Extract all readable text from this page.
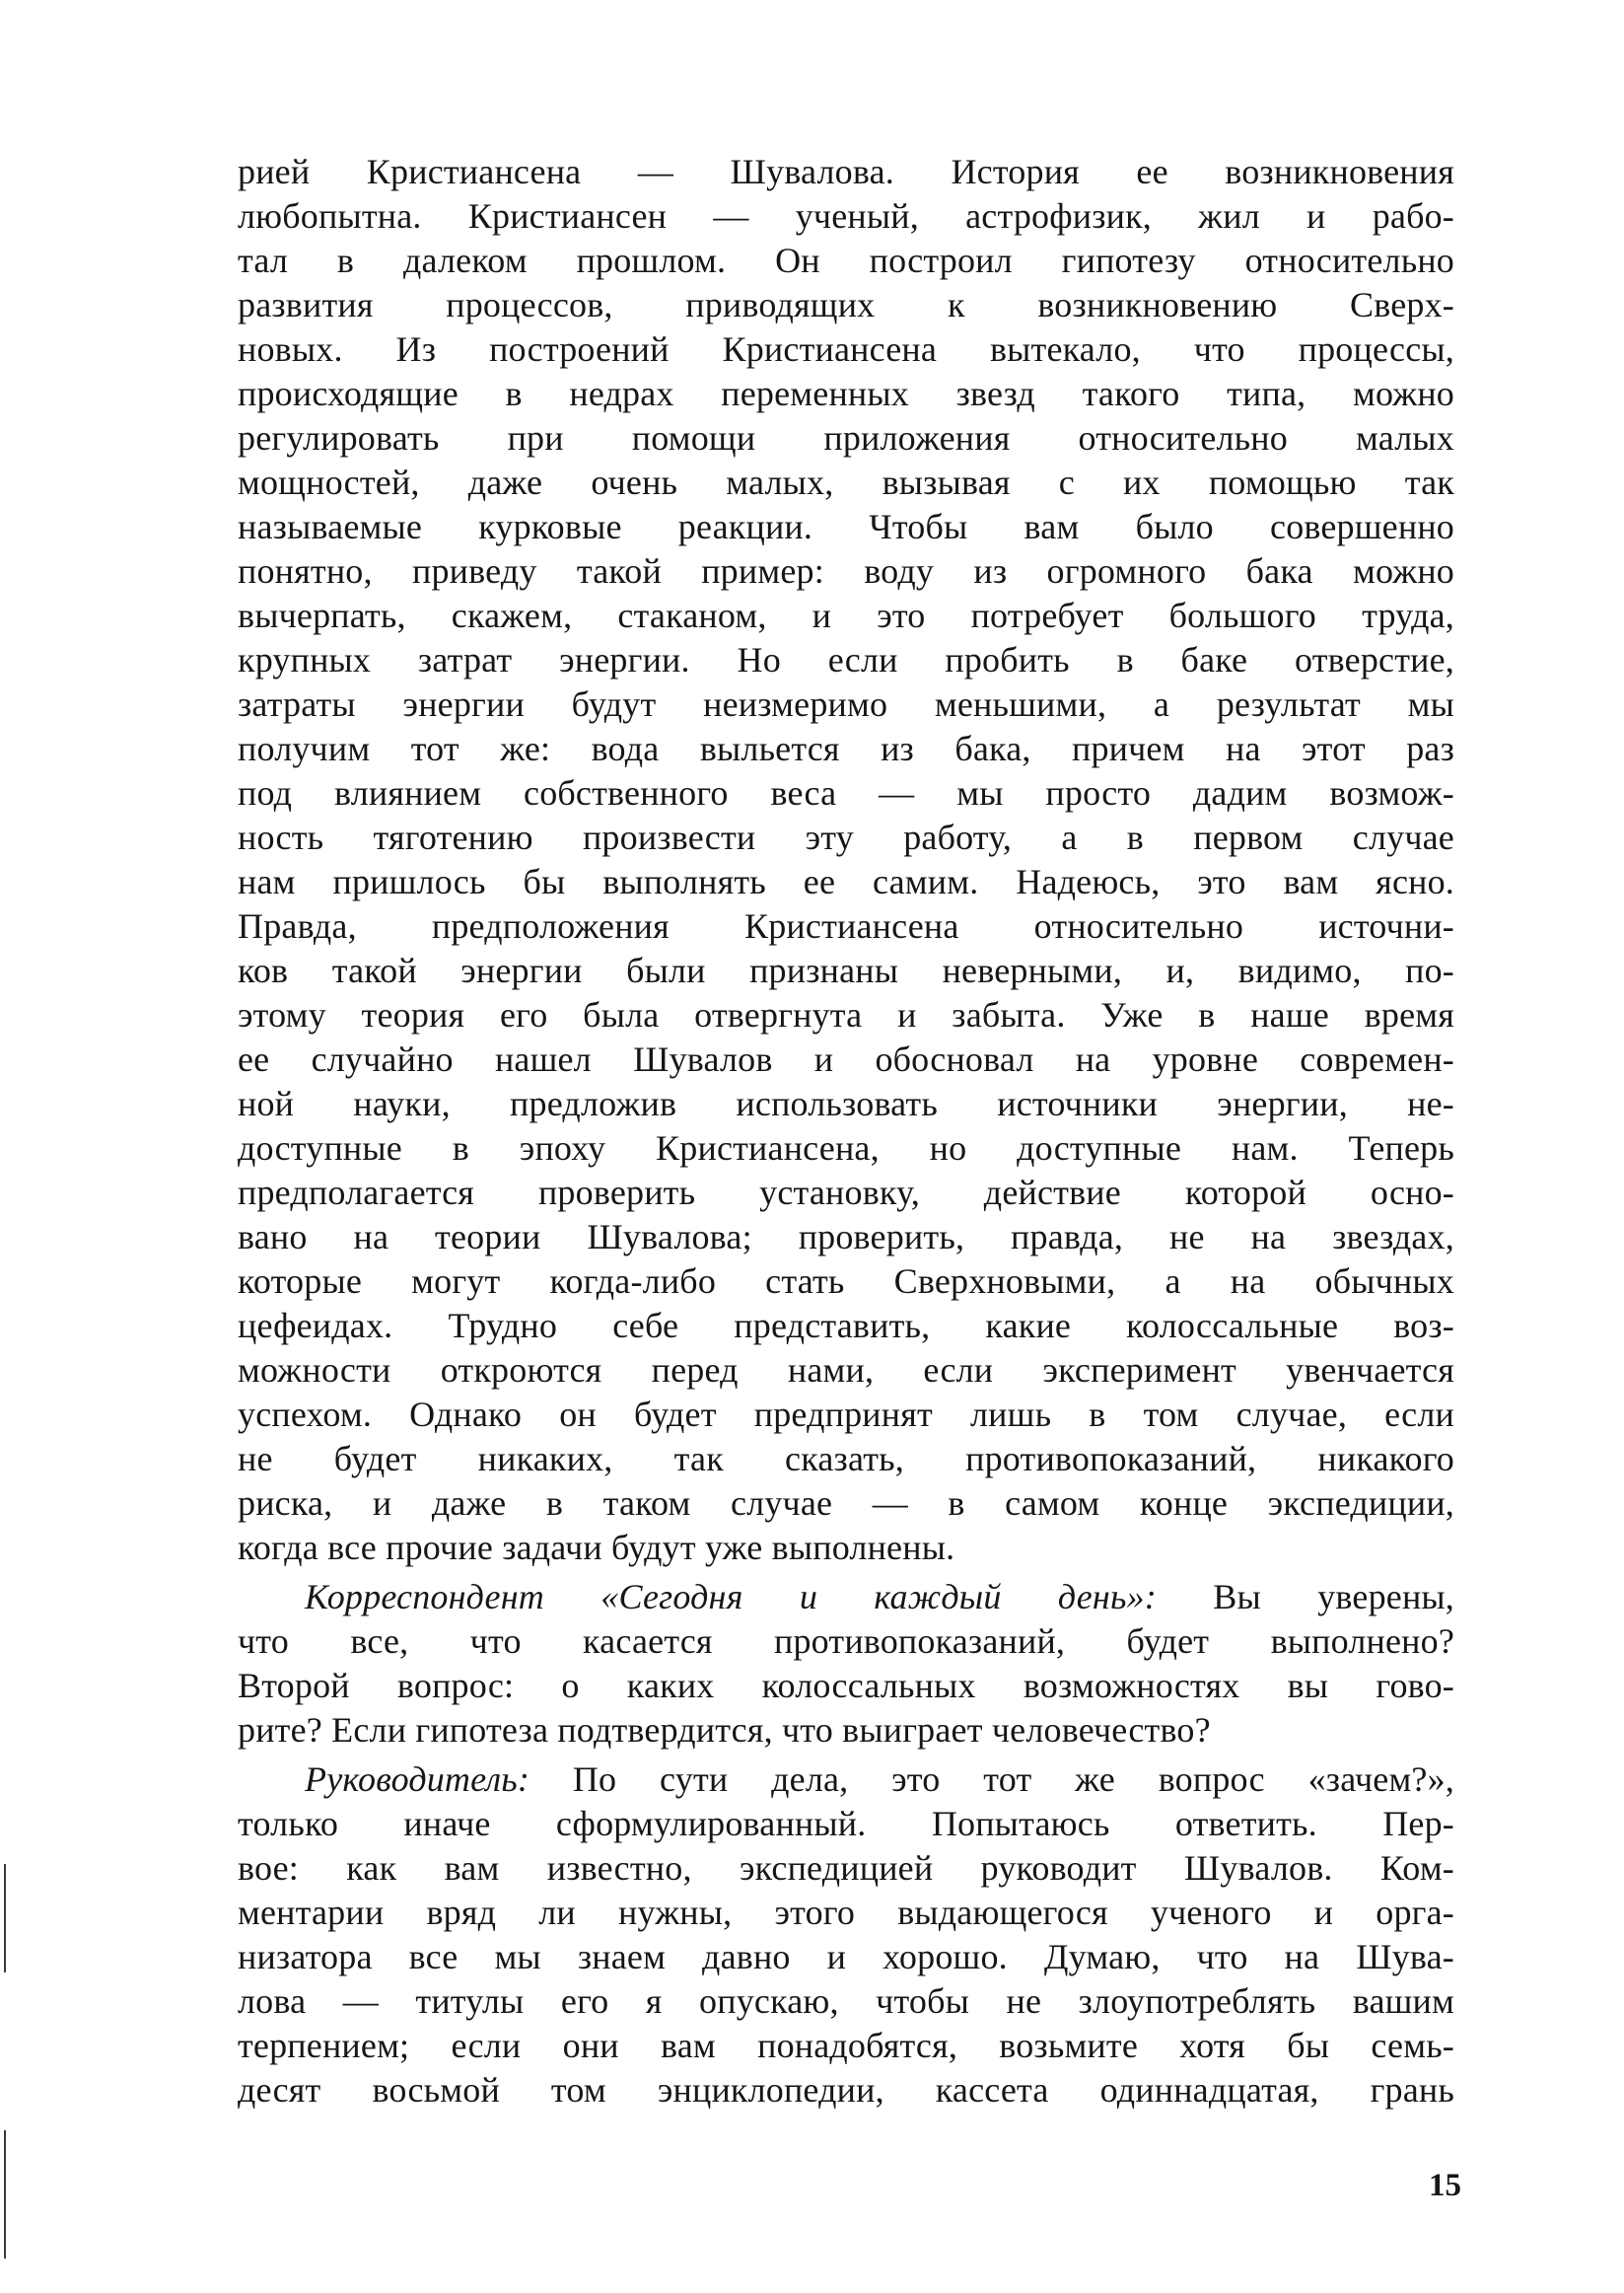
рией Кристиансена — Шувалова. История ее возникновения
любопытна. Кристиансен — ученый, астрофизик, жил и рабо-
тал в далеком прошлом. Он построил гипотезу относительно
развития процессов, приводящих к возникновению Сверх-
новых. Из построений Кристиансена вытекало, что процессы,
происходящие в недрах переменных звезд такого типа, можно
регулировать при помощи приложения относительно малых
мощностей, даже очень малых, вызывая с их помощью так
называемые курковые реакции. Чтобы вам было совершенно
понятно, приведу такой пример: воду из огромного бака можно
вычерпать, скажем, стаканом, и это потребует большого труда,
крупных затрат энергии. Но если пробить в баке отверстие,
затраты энергии будут неизмеримо меньшими, а результат мы
получим тот же: вода выльется из бака, причем на этот раз
под влиянием собственного веса — мы просто дадим возмож-
ность тяготению произвести эту работу, а в первом случае
нам пришлось бы выполнять ее самим. Надеюсь, это вам ясно.
Правда, предположения Кристиансена относительно источни-
ков такой энергии были признаны неверными, и, видимо, по-
этому теория его была отвергнута и забыта. Уже в наше время
ее случайно нашел Шувалов и обосновал на уровне современ-
ной науки, предложив использовать источники энергии, не-
доступные в эпоху Кристиансена, но доступные нам. Теперь
предполагается проверить установку, действие которой осно-
вано на теории Шувалова; проверить, правда, не на звездах,
которые могут когда-либо стать Сверхновыми, а на обычных
цефеидах. Трудно себе представить, какие колоссальные воз-
можности откроются перед нами, если эксперимент увенчается
успехом. Однако он будет предпринят лишь в том случае, если
не будет никаких, так сказать, противопоказаний, никакого
риска, и даже в таком случае — в самом конце экспедиции,
когда все прочие задачи будут уже выполнены.
Корреспондент «Сегодня и каждый день»: Вы уверены,
что все, что касается противопоказаний, будет выполнено?
Второй вопрос: о каких колоссальных возможностях вы гово-
рите? Если гипотеза подтвердится, что выиграет человечество?
Руководитель: По сути дела, это тот же вопрос «зачем?»,
только иначе сформулированный. Попытаюсь ответить. Пер-
вое: как вам известно, экспедицией руководит Шувалов. Ком-
ментарии вряд ли нужны, этого выдающегося ученого и орга-
низатора все мы знаем давно и хорошо. Думаю, что на Шува-
лова — титулы его я опускаю, чтобы не злоупотреблять вашим
терпением; если они вам понадобятся, возьмите хотя бы семь-
десят восьмой том энциклопедии, кассета одиннадцатая, грань
15
